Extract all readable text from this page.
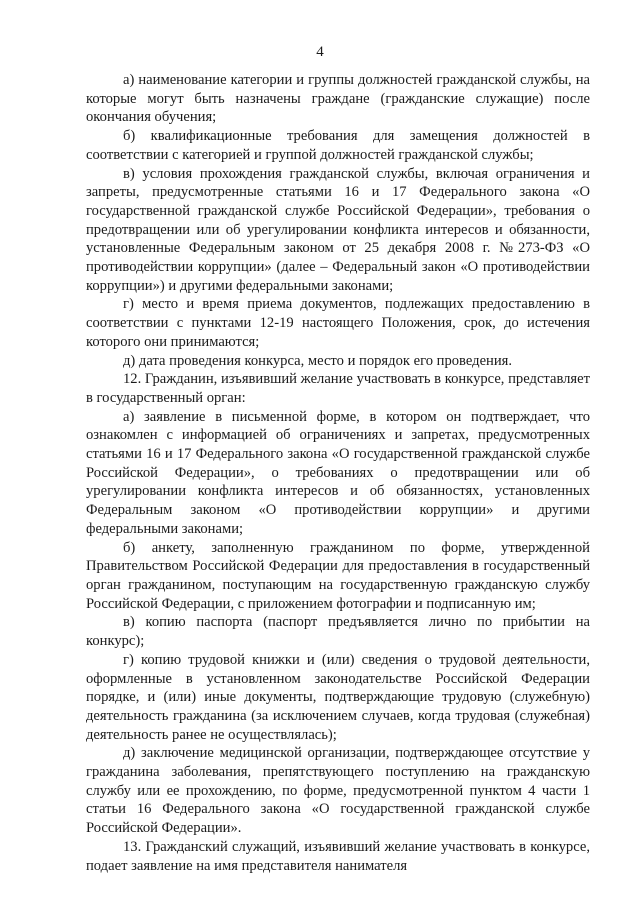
4

а) наименование категории и группы должностей гражданской службы, на которые могут быть назначены граждане (гражданские служащие) после окончания обучения;

б) квалификационные требования для замещения должностей в соответствии с категорией и группой должностей гражданской службы;

в) условия прохождения гражданской службы, включая ограничения и запреты, предусмотренные статьями 16 и 17 Федерального закона «О государственной гражданской службе Российской Федерации», требования о предотвращении или об урегулировании конфликта интересов и обязанности, установленные Федеральным законом от 25 декабря 2008 г. №273-ФЗ «О противодействии коррупции» (далее – Федеральный закон «О противодействии коррупции») и другими федеральными законами;

г) место и время приема документов, подлежащих предоставлению в соответствии с пунктами 12-19 настоящего Положения, срок, до истечения которого они принимаются;

д) дата проведения конкурса, место и порядок его проведения.

12. Гражданин, изъявивший желание участвовать в конкурсе, представляет в государственный орган:

а) заявление в письменной форме, в котором он подтверждает, что ознакомлен с информацией об ограничениях и запретах, предусмотренных статьями 16 и 17 Федерального закона «О государственной гражданской службе Российской Федерации», о требованиях о предотвращении или об урегулировании конфликта интересов и об обязанностях, установленных Федеральным законом «О противодействии коррупции» и другими федеральными законами;

б) анкету, заполненную гражданином по форме, утвержденной Правительством Российской Федерации для предоставления в государственный орган гражданином, поступающим на государственную гражданскую службу Российской Федерации, с приложением фотографии и подписанную им;

в) копию паспорта (паспорт предъявляется лично по прибытии на конкурс);

г) копию трудовой книжки и (или) сведения о трудовой деятельности, оформленные в установленном законодательстве Российской Федерации порядке, и (или) иные документы, подтверждающие трудовую (служебную) деятельность гражданина (за исключением случаев, когда трудовая (служебная) деятельность ранее не осуществлялась);

д) заключение медицинской организации, подтверждающее отсутствие у гражданина заболевания, препятствующего поступлению на гражданскую службу или ее прохождению, по форме, предусмотренной пунктом 4 части 1 статьи 16 Федерального закона «О государственной гражданской службе Российской Федерации».

13. Гражданский служащий, изъявивший желание участвовать в конкурсе, подает заявление на имя представителя нанимателя
